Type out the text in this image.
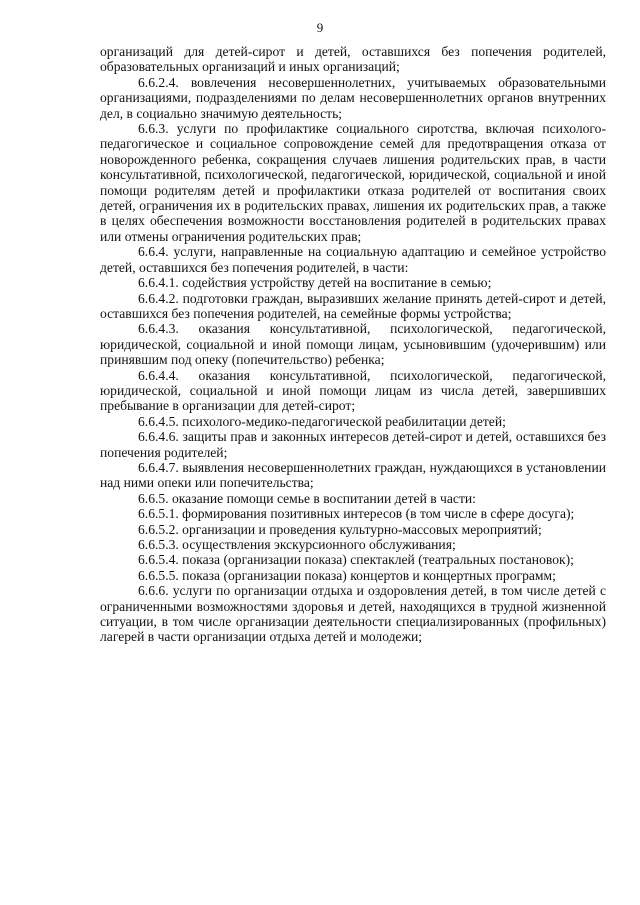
9

организаций для детей-сирот и детей, оставшихся без попечения родителей, образовательных организаций и иных организаций;

6.6.2.4. вовлечения несовершеннолетних, учитываемых образовательными организациями, подразделениями по делам несовершеннолетних органов внутренних дел, в социально значимую деятельность;

6.6.3. услуги по профилактике социального сиротства, включая психолого-педагогическое и социальное сопровождение семей для предотвращения отказа от новорожденного ребенка, сокращения случаев лишения родительских прав, в части консультативной, психологической, педагогической, юридической, социальной и иной помощи родителям детей и профилактики отказа родителей от воспитания своих детей, ограничения их в родительских правах, лишения их родительских прав, а также в целях обеспечения возможности восстановления родителей в родительских правах или отмены ограничения родительских прав;

6.6.4. услуги, направленные на социальную адаптацию и семейное устройство детей, оставшихся без попечения родителей, в части:

6.6.4.1. содействия устройству детей на воспитание в семью;

6.6.4.2. подготовки граждан, выразивших желание принять детей-сирот и детей, оставшихся без попечения родителей, на семейные формы устройства;

6.6.4.3. оказания консультативной, психологической, педагогической, юридической, социальной и иной помощи лицам, усыновившим (удочерившим) или принявшим под опеку (попечительство) ребенка;

6.6.4.4. оказания консультативной, психологической, педагогической, юридической, социальной и иной помощи лицам из числа детей, завершивших пребывание в организации для детей-сирот;

6.6.4.5. психолого-медико-педагогической реабилитации детей;

6.6.4.6. защиты прав и законных интересов детей-сирот и детей, оставшихся без попечения родителей;

6.6.4.7. выявления несовершеннолетних граждан, нуждающихся в установлении над ними опеки или попечительства;

6.6.5. оказание помощи семье в воспитании детей в части:

6.6.5.1. формирования позитивных интересов (в том числе в сфере досуга);

6.6.5.2. организации и проведения культурно-массовых мероприятий;

6.6.5.3. осуществления экскурсионного обслуживания;

6.6.5.4. показа (организации показа) спектаклей (театральных постановок);

6.6.5.5. показа (организации показа) концертов и концертных программ;

6.6.6. услуги по организации отдыха и оздоровления детей, в том числе детей с ограниченными возможностями здоровья и детей, находящихся в трудной жизненной ситуации, в том числе организации деятельности специализированных (профильных) лагерей в части организации отдыха детей и молодежи;
